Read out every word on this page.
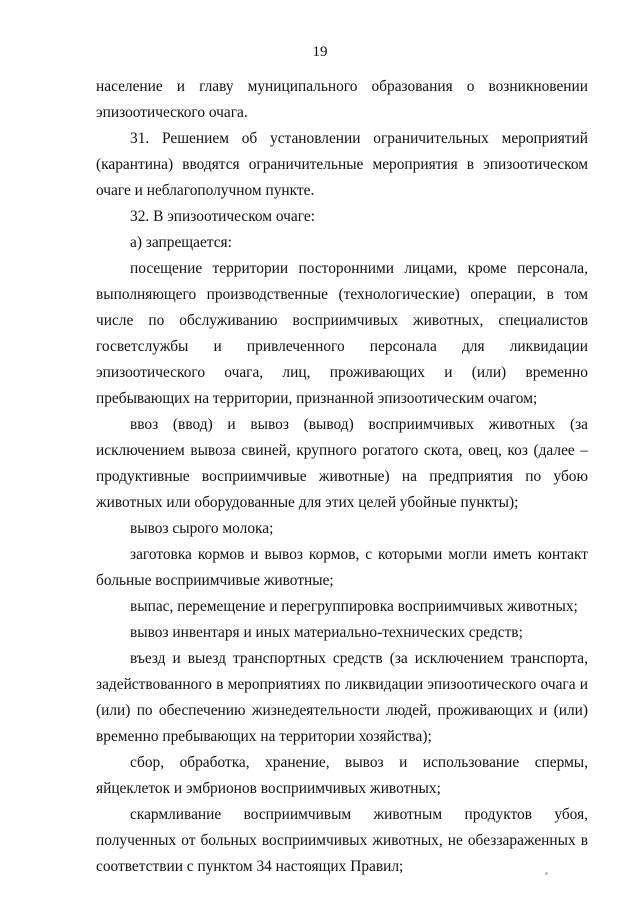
19

население и главу муниципального образования о возникновении эпизоотического очага.

31. Решением об установлении ограничительных мероприятий (карантина) вводятся ограничительные мероприятия в эпизоотическом очаге и неблагополучном пункте.

32. В эпизоотическом очаге:

а) запрещается:

посещение территории посторонними лицами, кроме персонала, выполняющего производственные (технологические) операции, в том числе по обслуживанию восприимчивых животных, специалистов госветслужбы и привлеченного персонала для ликвидации эпизоотического очага, лиц, проживающих и (или) временно пребывающих на территории, признанной эпизоотическим очагом;

ввоз (ввод) и вывоз (вывод) восприимчивых животных (за исключением вывоза свиней, крупного рогатого скота, овец, коз (далее – продуктивные восприимчивые животные) на предприятия по убою животных или оборудованные для этих целей убойные пункты);

вывоз сырого молока;

заготовка кормов и вывоз кормов, с которыми могли иметь контакт больные восприимчивые животные;

выпас, перемещение и перегруппировка восприимчивых животных;

вывоз инвентаря и иных материально-технических средств;

въезд и выезд транспортных средств (за исключением транспорта, задействованного в мероприятиях по ликвидации эпизоотического очага и (или) по обеспечению жизнедеятельности людей, проживающих и (или) временно пребывающих на территории хозяйства);

сбор, обработка, хранение, вывоз и использование спермы, яйцеклеток и эмбрионов восприимчивых животных;

скармливание восприимчивым животным продуктов убоя, полученных от больных восприимчивых животных, не обеззараженных в соответствии с пунктом 34 настоящих Правил;
